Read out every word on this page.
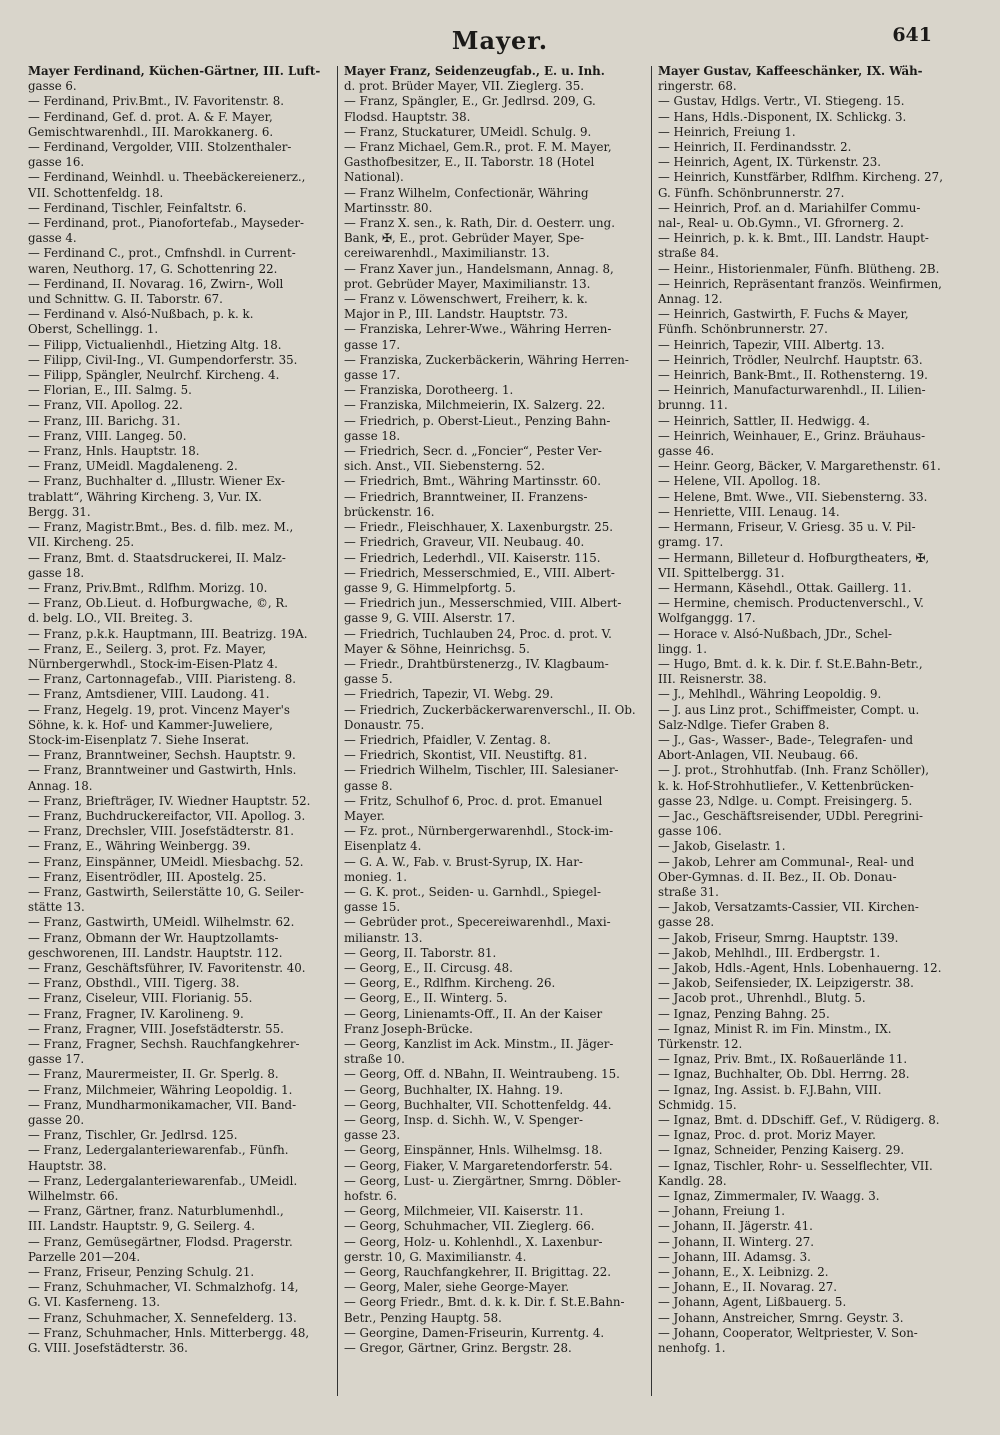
Mayer.	641

Mayer Ferdinand, Küchen-Gärtner, III. Luft-

gasse 6.

— Ferdinand, Priv.Bmt., IV. Favoritenstr. 8.

— Ferdinand, Gef. d. prot. A. & F. Mayer,

Gemischtwarenhdl., III. Marokkanerg. 6.

— Ferdinand, Vergolder, VIII. Stolzenthaler-

gasse 16.

— Ferdinand, Weinhdl. u. Theebäckereienerz.,

VII. Schottenfeldg. 18.

— Ferdinand, Tischler, Feinfaltstr. 6.

— Ferdinand, prot., Pianofortefab., Mayseder-

gasse 4.

— Ferdinand C., prot., Cmfnshdl. in Current-

waren, Neuthorg. 17, G. Schottenring 22.

— Ferdinand, II. Novarag. 16, Zwirn-, Woll

und Schnittw. G. II. Taborstr. 67.

— Ferdinand v. Alsó-Nußbach, p. k. k.

Oberst, Schellingg. 1.

— Filipp, Victualienhdl., Hietzing Altg. 18.

— Filipp, Civil-Ing., VI. Gumpendorferstr. 35.

— Filipp, Spängler, Neulrchf. Kircheng. 4.

— Florian, E., III. Salmg. 5.

— Franz, VII. Apollog. 22.

— Franz, III. Barichg. 31.

— Franz, VIII. Langeg. 50.

— Franz, Hnls. Hauptstr. 18.

— Franz, UMeidl. Magdaleneng. 2.

— Franz, Buchhalter d. „Illustr. Wiener Ex-

trablatt“, Währing Kircheng. 3, Vur. IX.

Bergg. 31.

— Franz, Magistr.Bmt., Bes. d. filb. mez. M.,

VII. Kircheng. 25.

— Franz, Bmt. d. Staatsdruckerei, II. Malz-

gasse 18.

— Franz, Priv.Bmt., Rdlfhm. Morizg. 10.

— Franz, Ob.Lieut. d. Hofburgwache, ©, R.

d. belg. LO., VII. Breiteg. 3.

— Franz, p.k.k. Hauptmann, III. Beatrizg. 19A.

— Franz, E., Seilerg. 3, prot. Fz. Mayer,

Nürnbergerwhdl., Stock-im-Eisen-Platz 4.

— Franz, Cartonnagefab., VIII. Piaristeng. 8.

— Franz, Amtsdiener, VIII. Laudong. 41.

— Franz, Hegelg. 19, prot. Vincenz Mayer's

Söhne, k. k. Hof- und Kammer-Juweliere,

Stock-im-Eisenplatz 7. Siehe Inserat.

— Franz, Branntweiner, Sechsh. Hauptstr. 9.

— Franz, Branntweiner und Gastwirth, Hnls.

Annag. 18.

— Franz, Briefträger, IV. Wiedner Hauptstr. 52.

— Franz, Buchdruckereifactor, VII. Apollog. 3.

— Franz, Drechsler, VIII. Josefstädterstr. 81.

— Franz, E., Währing Weinbergg. 39.

— Franz, Einspänner, UMeidl. Miesbachg. 52.

— Franz, Eisentrödler, III. Apostelg. 25.

— Franz, Gastwirth, Seilerstätte 10, G. Seiler-

stätte 13.

— Franz, Gastwirth, UMeidl. Wilhelmstr. 62.

— Franz, Obmann der Wr. Hauptzollamts-

geschworenen, III. Landstr. Hauptstr. 112.

— Franz, Geschäftsführer, IV. Favoritenstr. 40.

— Franz, Obsthdl., VIII. Tigerg. 38.

— Franz, Ciseleur, VIII. Florianig. 55.

— Franz, Fragner, IV. Karolineng. 9.

— Franz, Fragner, VIII. Josefstädterstr. 55.

— Franz, Fragner, Sechsh. Rauchfangkehrer-

gasse 17.

— Franz, Maurermeister, II. Gr. Sperlg. 8.

— Franz, Milchmeier, Währing Leopoldig. 1.

— Franz, Mundharmonikamacher, VII. Band-

gasse 20.

— Franz, Tischler, Gr. Jedlrsd. 125.

— Franz, Ledergalanteriewarenfab., Fünfh.

Hauptstr. 38.

— Franz, Ledergalanteriewarenfab., UMeidl.

Wilhelmstr. 66.

— Franz, Gärtner, franz. Naturblumenhdl.,

III. Landstr. Hauptstr. 9, G. Seilerg. 4.

— Franz, Gemüsegärtner, Flodsd. Pragerstr.

Parzelle 201—204.

— Franz, Friseur, Penzing Schulg. 21.

— Franz, Schuhmacher, VI. Schmalzhofg. 14,

G. VI. Kasferneng. 13.

— Franz, Schuhmacher, X. Sennefelderg. 13.

— Franz, Schuhmacher, Hnls. Mitterbergg. 48,

G. VIII. Josefstädterstr. 36.

Mayer Franz, Seidenzeugfab., E. u. Inh.

d. prot. Brüder Mayer, VII. Zieglerg. 35.

— Franz, Spängler, E., Gr. Jedlrsd. 209, G.

Flodsd. Hauptstr. 38.

— Franz, Stuckaturer, UMeidl. Schulg. 9.

— Franz Michael, Gem.R., prot. F. M. Mayer,

Gasthofbesitzer, E., II. Taborstr. 18 (Hotel

National).

— Franz Wilhelm, Confectionär, Währing

Martinsstr. 80.

— Franz X. sen., k. Rath, Dir. d. Oesterr. ung.

Bank, ✠, E., prot. Gebrüder Mayer, Spe-

cereiwarenhdl., Maximilianstr. 13.

— Franz Xaver jun., Handelsmann, Annag. 8,

prot. Gebrüder Mayer, Maximilianstr. 13.

— Franz v. Löwenschwert, Freiherr, k. k.

Major in P., III. Landstr. Hauptstr. 73.

— Franziska, Lehrer-Wwe., Währing Herren-

gasse 17.

— Franziska, Zuckerbäckerin, Währing Herren-

gasse 17.

— Franziska, Dorotheerg. 1.

— Franziska, Milchmeierin, IX. Salzerg. 22.

— Friedrich, p. Oberst-Lieut., Penzing Bahn-

gasse 18.

— Friedrich, Secr. d. „Foncier“, Pester Ver-

sich. Anst., VII. Siebensterng. 52.

— Friedrich, Bmt., Währing Martinsstr. 60.

— Friedrich, Branntweiner, II. Franzens-

brückenstr. 16.

— Friedr., Fleischhauer, X. Laxenburgstr. 25.

— Friedrich, Graveur, VII. Neubaug. 40.

— Friedrich, Lederhdl., VII. Kaiserstr. 115.

— Friedrich, Messerschmied, E., VIII. Albert-

gasse 9, G. Himmelpfortg. 5.

— Friedrich jun., Messerschmied, VIII. Albert-

gasse 9, G. VIII. Alserstr. 17.

— Friedrich, Tuchlauben 24, Proc. d. prot. V.

Mayer & Söhne, Heinrichsg. 5.

— Friedr., Drahtbürstenerzg., IV. Klagbaum-

gasse 5.

— Friedrich, Tapezir, VI. Webg. 29.

— Friedrich, Zuckerbäckerwarenverschl., II. Ob.

Donaustr. 75.

— Friedrich, Pfaidler, V. Zentag. 8.

— Friedrich, Skontist, VII. Neustiftg. 81.

— Friedrich Wilhelm, Tischler, III. Salesianer-

gasse 8.

— Fritz, Schulhof 6, Proc. d. prot. Emanuel

Mayer.

— Fz. prot., Nürnbergerwarenhdl., Stock-im-

Eisenplatz 4.

— G. A. W., Fab. v. Brust-Syrup, IX. Har-

monieg. 1.

— G. K. prot., Seiden- u. Garnhdl., Spiegel-

gasse 15.

— Gebrüder prot., Specereiwarenhdl., Maxi-

milianstr. 13.

— Georg, II. Taborstr. 81.

— Georg, E., II. Circusg. 48.

— Georg, E., Rdlfhm. Kircheng. 26.

— Georg, E., II. Winterg. 5.

— Georg, Linienamts-Off., II. An der Kaiser

Franz Joseph-Brücke.

— Georg, Kanzlist im Ack. Minstm., II. Jäger-

straße 10.

— Georg, Off. d. NBahn, II. Weintraubeng. 15.

— Georg, Buchhalter, IX. Hahng. 19.

— Georg, Buchhalter, VII. Schottenfeldg. 44.

— Georg, Insp. d. Sichh. W., V. Spenger-

gasse 23.

— Georg, Einspänner, Hnls. Wilhelmsg. 18.

— Georg, Fiaker, V. Margaretendorferstr. 54.

— Georg, Lust- u. Ziergärtner, Smrng. Döbler-

hofstr. 6.

— Georg, Milchmeier, VII. Kaiserstr. 11.

— Georg, Schuhmacher, VII. Zieglerg. 66.

— Georg, Holz- u. Kohlenhdl., X. Laxenbur-

gerstr. 10, G. Maximilianstr. 4.

— Georg, Rauchfangkehrer, II. Brigittag. 22.

— Georg, Maler, siehe George-Mayer.

— Georg Friedr., Bmt. d. k. k. Dir. f. St.E.Bahn-

Betr., Penzing Hauptg. 58.

— Georgine, Damen-Friseurin, Kurrentg. 4.

— Gregor, Gärtner, Grinz. Bergstr. 28.

Mayer Gustav, Kaffeeschänker, IX. Wäh-

ringerstr. 68.

— Gustav, Hdlgs. Vertr., VI. Stiegeng. 15.

— Hans, Hdls.-Disponent, IX. Schlickg. 3.

— Heinrich, Freiung 1.

— Heinrich, II. Ferdinandsstr. 2.

— Heinrich, Agent, IX. Türkenstr. 23.

— Heinrich, Kunstfärber, Rdlfhm. Kircheng. 27,

G. Fünfh. Schönbrunnerstr. 27.

— Heinrich, Prof. an d. Mariahilfer Commu-

nal-, Real- u. Ob.Gymn., VI. Gfrornerg. 2.

— Heinrich, p. k. k. Bmt., III. Landstr. Haupt-

straße 84.

— Heinr., Historienmaler, Fünfh. Blütheng. 2B.

— Heinrich, Repräsentant französ. Weinfirmen,

Annag. 12.

— Heinrich, Gastwirth, F. Fuchs & Mayer,

Fünfh. Schönbrunnerstr. 27.

— Heinrich, Tapezir, VIII. Albertg. 13.

— Heinrich, Trödler, Neulrchf. Hauptstr. 63.

— Heinrich, Bank-Bmt., II. Rothensterng. 19.

— Heinrich, Manufacturwarenhdl., II. Lilien-

brunng. 11.

— Heinrich, Sattler, II. Hedwigg. 4.

— Heinrich, Weinhauer, E., Grinz. Bräuhaus-

gasse 46.

— Heinr. Georg, Bäcker, V. Margarethenstr. 61.

— Helene, VII. Apollog. 18.

— Helene, Bmt. Wwe., VII. Siebensterng. 33.

— Henriette, VIII. Lenaug. 14.

— Hermann, Friseur, V. Griesg. 35 u. V. Pil-

gramg. 17.

— Hermann, Billeteur d. Hofburgtheaters, ✠,

VII. Spittelbergg. 31.

— Hermann, Käsehdl., Ottak. Gaillerg. 11.

— Hermine, chemisch. Productenverschl., V.

Wolfganggg. 17.

— Horace v. Alsó-Nußbach, JDr., Schel-

lingg. 1.

— Hugo, Bmt. d. k. k. Dir. f. St.E.Bahn-Betr.,

III. Reisnerstr. 38.

— J., Mehlhdl., Währing Leopoldig. 9.

— J. aus Linz prot., Schiffmeister, Compt. u.

Salz-Ndlge. Tiefer Graben 8.

— J., Gas-, Wasser-, Bade-, Telegrafen- und

Abort-Anlagen, VII. Neubaug. 66.

— J. prot., Strohhutfab. (Inh. Franz Schöller),

k. k. Hof-Strohhutliefer., V. Kettenbrücken-

gasse 23, Ndlge. u. Compt. Freisingerg. 5.

— Jac., Geschäftsreisender, UDbl. Peregrini-

gasse 106.

— Jakob, Giselastr. 1.

— Jakob, Lehrer am Communal-, Real- und

Ober-Gymnas. d. II. Bez., II. Ob. Donau-

straße 31.

— Jakob, Versatzamts-Cassier, VII. Kirchen-

gasse 28.

— Jakob, Friseur, Smrng. Hauptstr. 139.

— Jakob, Mehlhdl., III. Erdbergstr. 1.

— Jakob, Hdls.-Agent, Hnls. Lobenhauerng. 12.

— Jakob, Seifensieder, IX. Leipzigerstr. 38.

— Jacob prot., Uhrenhdl., Blutg. 5.

— Ignaz, Penzing Bahng. 25.

— Ignaz, Minist R. im Fin. Minstm., IX.

Türkenstr. 12.

— Ignaz, Priv. Bmt., IX. Roßauerlände 11.

— Ignaz, Buchhalter, Ob. Dbl. Herrng. 28.

— Ignaz, Ing. Assist. b. F.J.Bahn, VIII.

Schmidg. 15.

— Ignaz, Bmt. d. DDschiff. Gef., V. Rüdigerg. 8.

— Ignaz, Proc. d. prot. Moriz Mayer.

— Ignaz, Schneider, Penzing Kaiserg. 29.

— Ignaz, Tischler, Rohr- u. Sesselflechter, VII.

Kandlg. 28.

— Ignaz, Zimmermaler, IV. Waagg. 3.

— Johann, Freiung 1.

— Johann, II. Jägerstr. 41.

— Johann, II. Winterg. 27.

— Johann, III. Adamsg. 3.

— Johann, E., X. Leibnizg. 2.

— Johann, E., II. Novarag. 27.

— Johann, Agent, Lißbauerg. 5.

— Johann, Anstreicher, Smrng. Geystr. 3.

— Johann, Cooperator, Weltpriester, V. Son-

nenhofg. 1.
